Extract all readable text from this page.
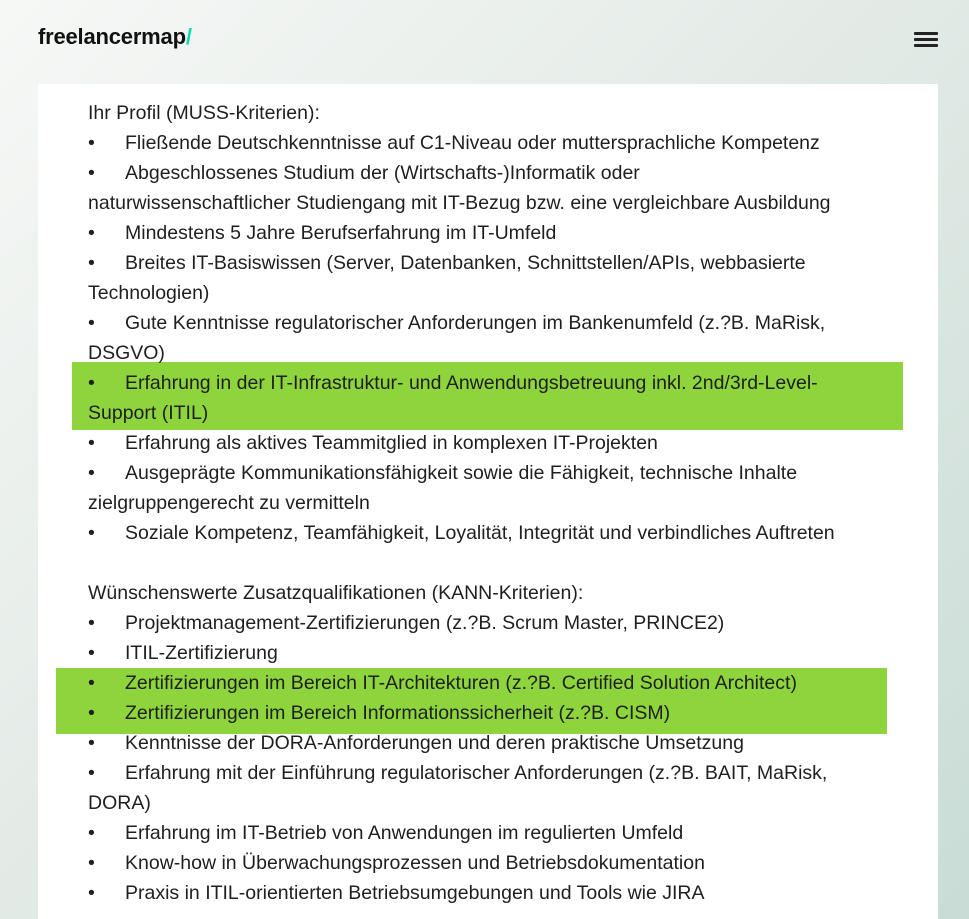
freelancermap/
Ihr Profil (MUSS-Kriterien):
• Fließende Deutschkenntnisse auf C1-Niveau oder muttersprachliche Kompetenz
• Abgeschlossenes Studium der (Wirtschafts-)Informatik oder
naturwissenschaftlicher Studiengang mit IT-Bezug bzw. eine vergleichbare Ausbildung
• Mindestens 5 Jahre Berufserfahrung im IT-Umfeld
• Breites IT-Basiswissen (Server, Datenbanken, Schnittstellen/APIs, webbasierte
Technologien)
• Gute Kenntnisse regulatorischer Anforderungen im Bankenumfeld (z.?B. MaRisk,
DSGVO)
• Erfahrung in der IT-Infrastruktur- und Anwendungsbetreuung inkl. 2nd/3rd-Level-
Support (ITIL)
• Erfahrung als aktives Teammitglied in komplexen IT-Projekten
• Ausgeprägte Kommunikationsfähigkeit sowie die Fähigkeit, technische Inhalte
zielgruppengerecht zu vermitteln
• Soziale Kompetenz, Teamfähigkeit, Loyalität, Integrität und verbindliches Auftreten
Wünschenswerte Zusatzqualifikationen (KANN-Kriterien):
• Projektmanagement-Zertifizierungen (z.?B. Scrum Master, PRINCE2)
• ITIL-Zertifizierung
• Zertifizierungen im Bereich IT-Architekturen (z.?B. Certified Solution Architect)
• Zertifizierungen im Bereich Informationssicherheit (z.?B. CISM)
• Kenntnisse der DORA-Anforderungen und deren praktische Umsetzung
• Erfahrung mit der Einführung regulatorischer Anforderungen (z.?B. BAIT, MaRisk,
DORA)
• Erfahrung im IT-Betrieb von Anwendungen im regulierten Umfeld
• Know-how in Überwachungsprozessen und Betriebsdokumentation
• Praxis in ITIL-orientierten Betriebsumgebungen und Tools wie JIRA
